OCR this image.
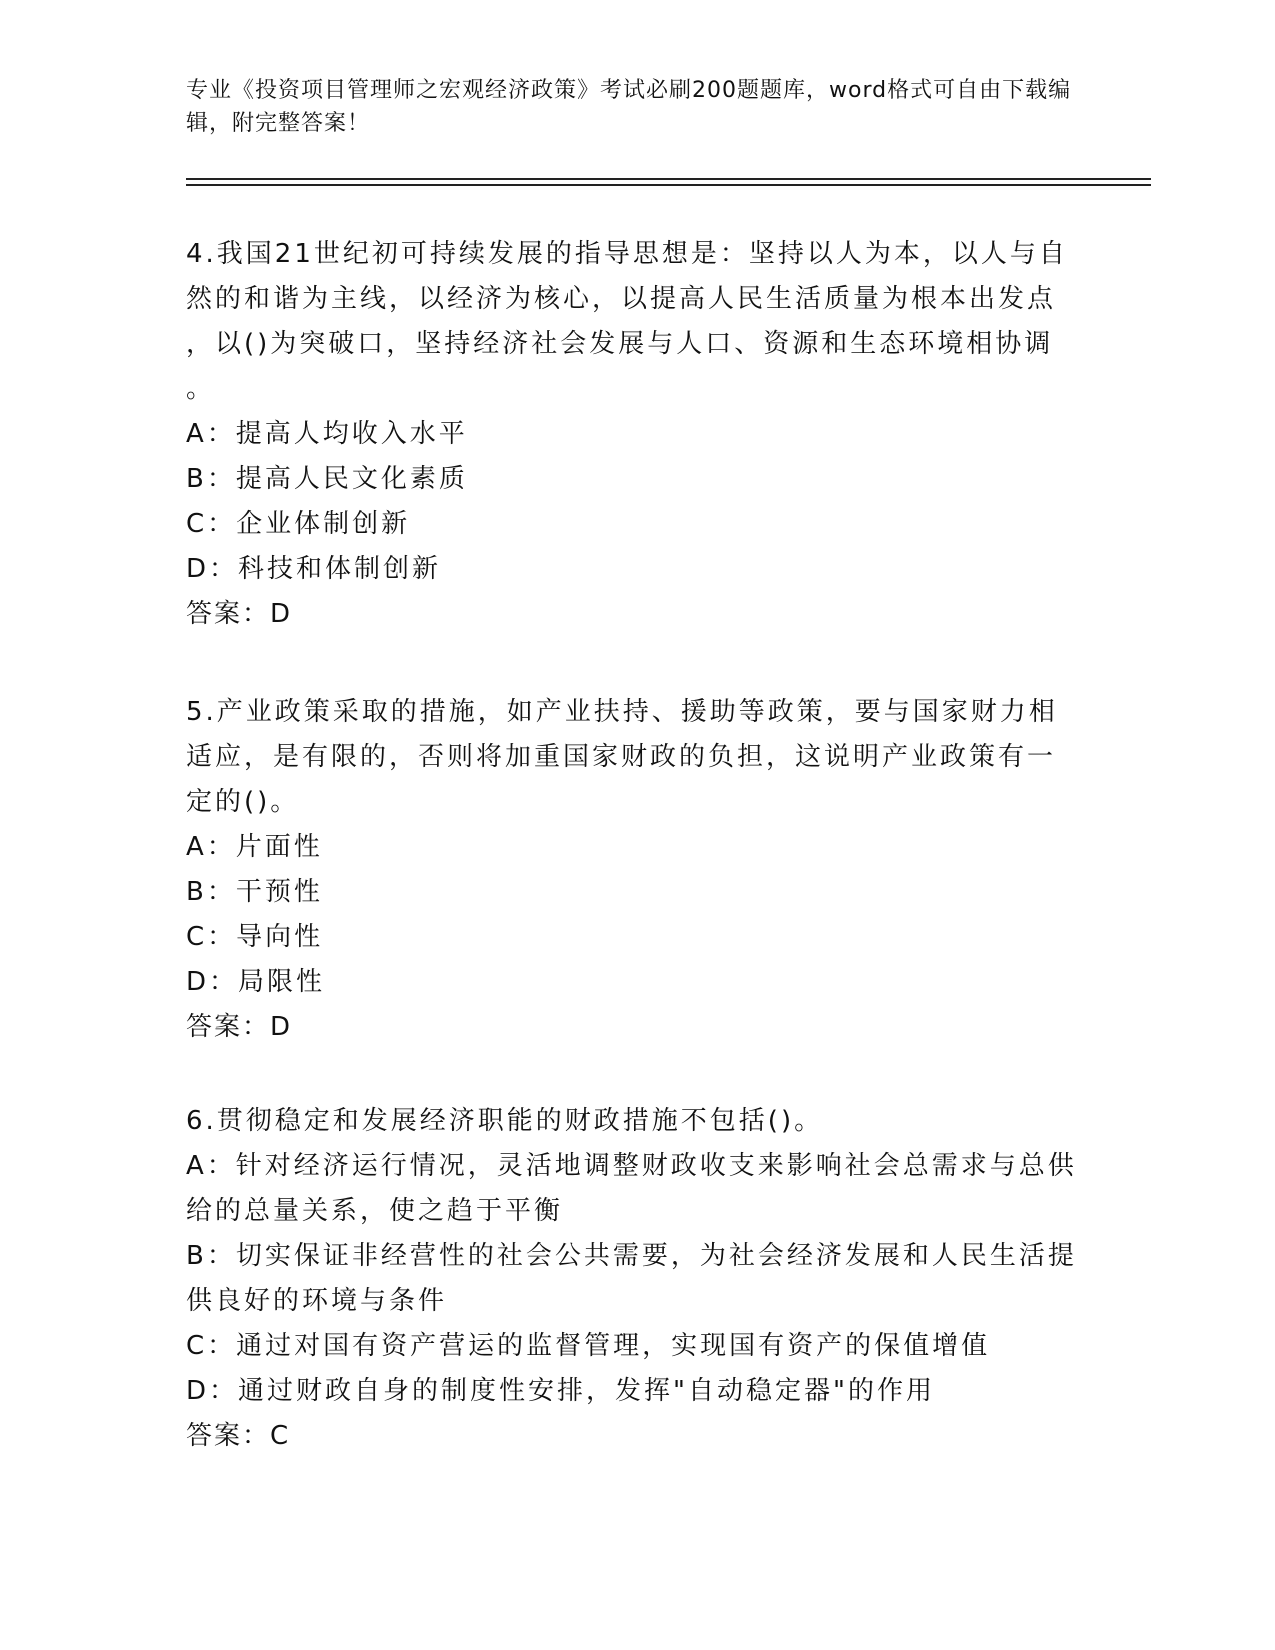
专业《投资项目管理师之宏观经济政策》考试必刷200题题库，word格式可自由下载编辑，附完整答案！

4.我国21世纪初可持续发展的指导思想是：坚持以人为本，以人与自

然的和谐为主线，以经济为核心，以提高人民生活质量为根本出发点

，以()为突破口，坚持经济社会发展与人口、资源和生态环境相协调

。

A：提高人均收入水平

B：提高人民文化素质

C：企业体制创新

D：科技和体制创新

答案：D

5.产业政策采取的措施，如产业扶持、援助等政策，要与国家财力相

适应，是有限的，否则将加重国家财政的负担，这说明产业政策有一

定的()。

A：片面性

B：干预性

C：导向性

D：局限性

答案：D

6.贯彻稳定和发展经济职能的财政措施不包括()。

A：针对经济运行情况，灵活地调整财政收支来影响社会总需求与总供

给的总量关系，使之趋于平衡

B：切实保证非经营性的社会公共需要，为社会经济发展和人民生活提

供良好的环境与条件

C：通过对国有资产营运的监督管理，实现国有资产的保值增值

D：通过财政自身的制度性安排，发挥"自动稳定器"的作用

答案：C
